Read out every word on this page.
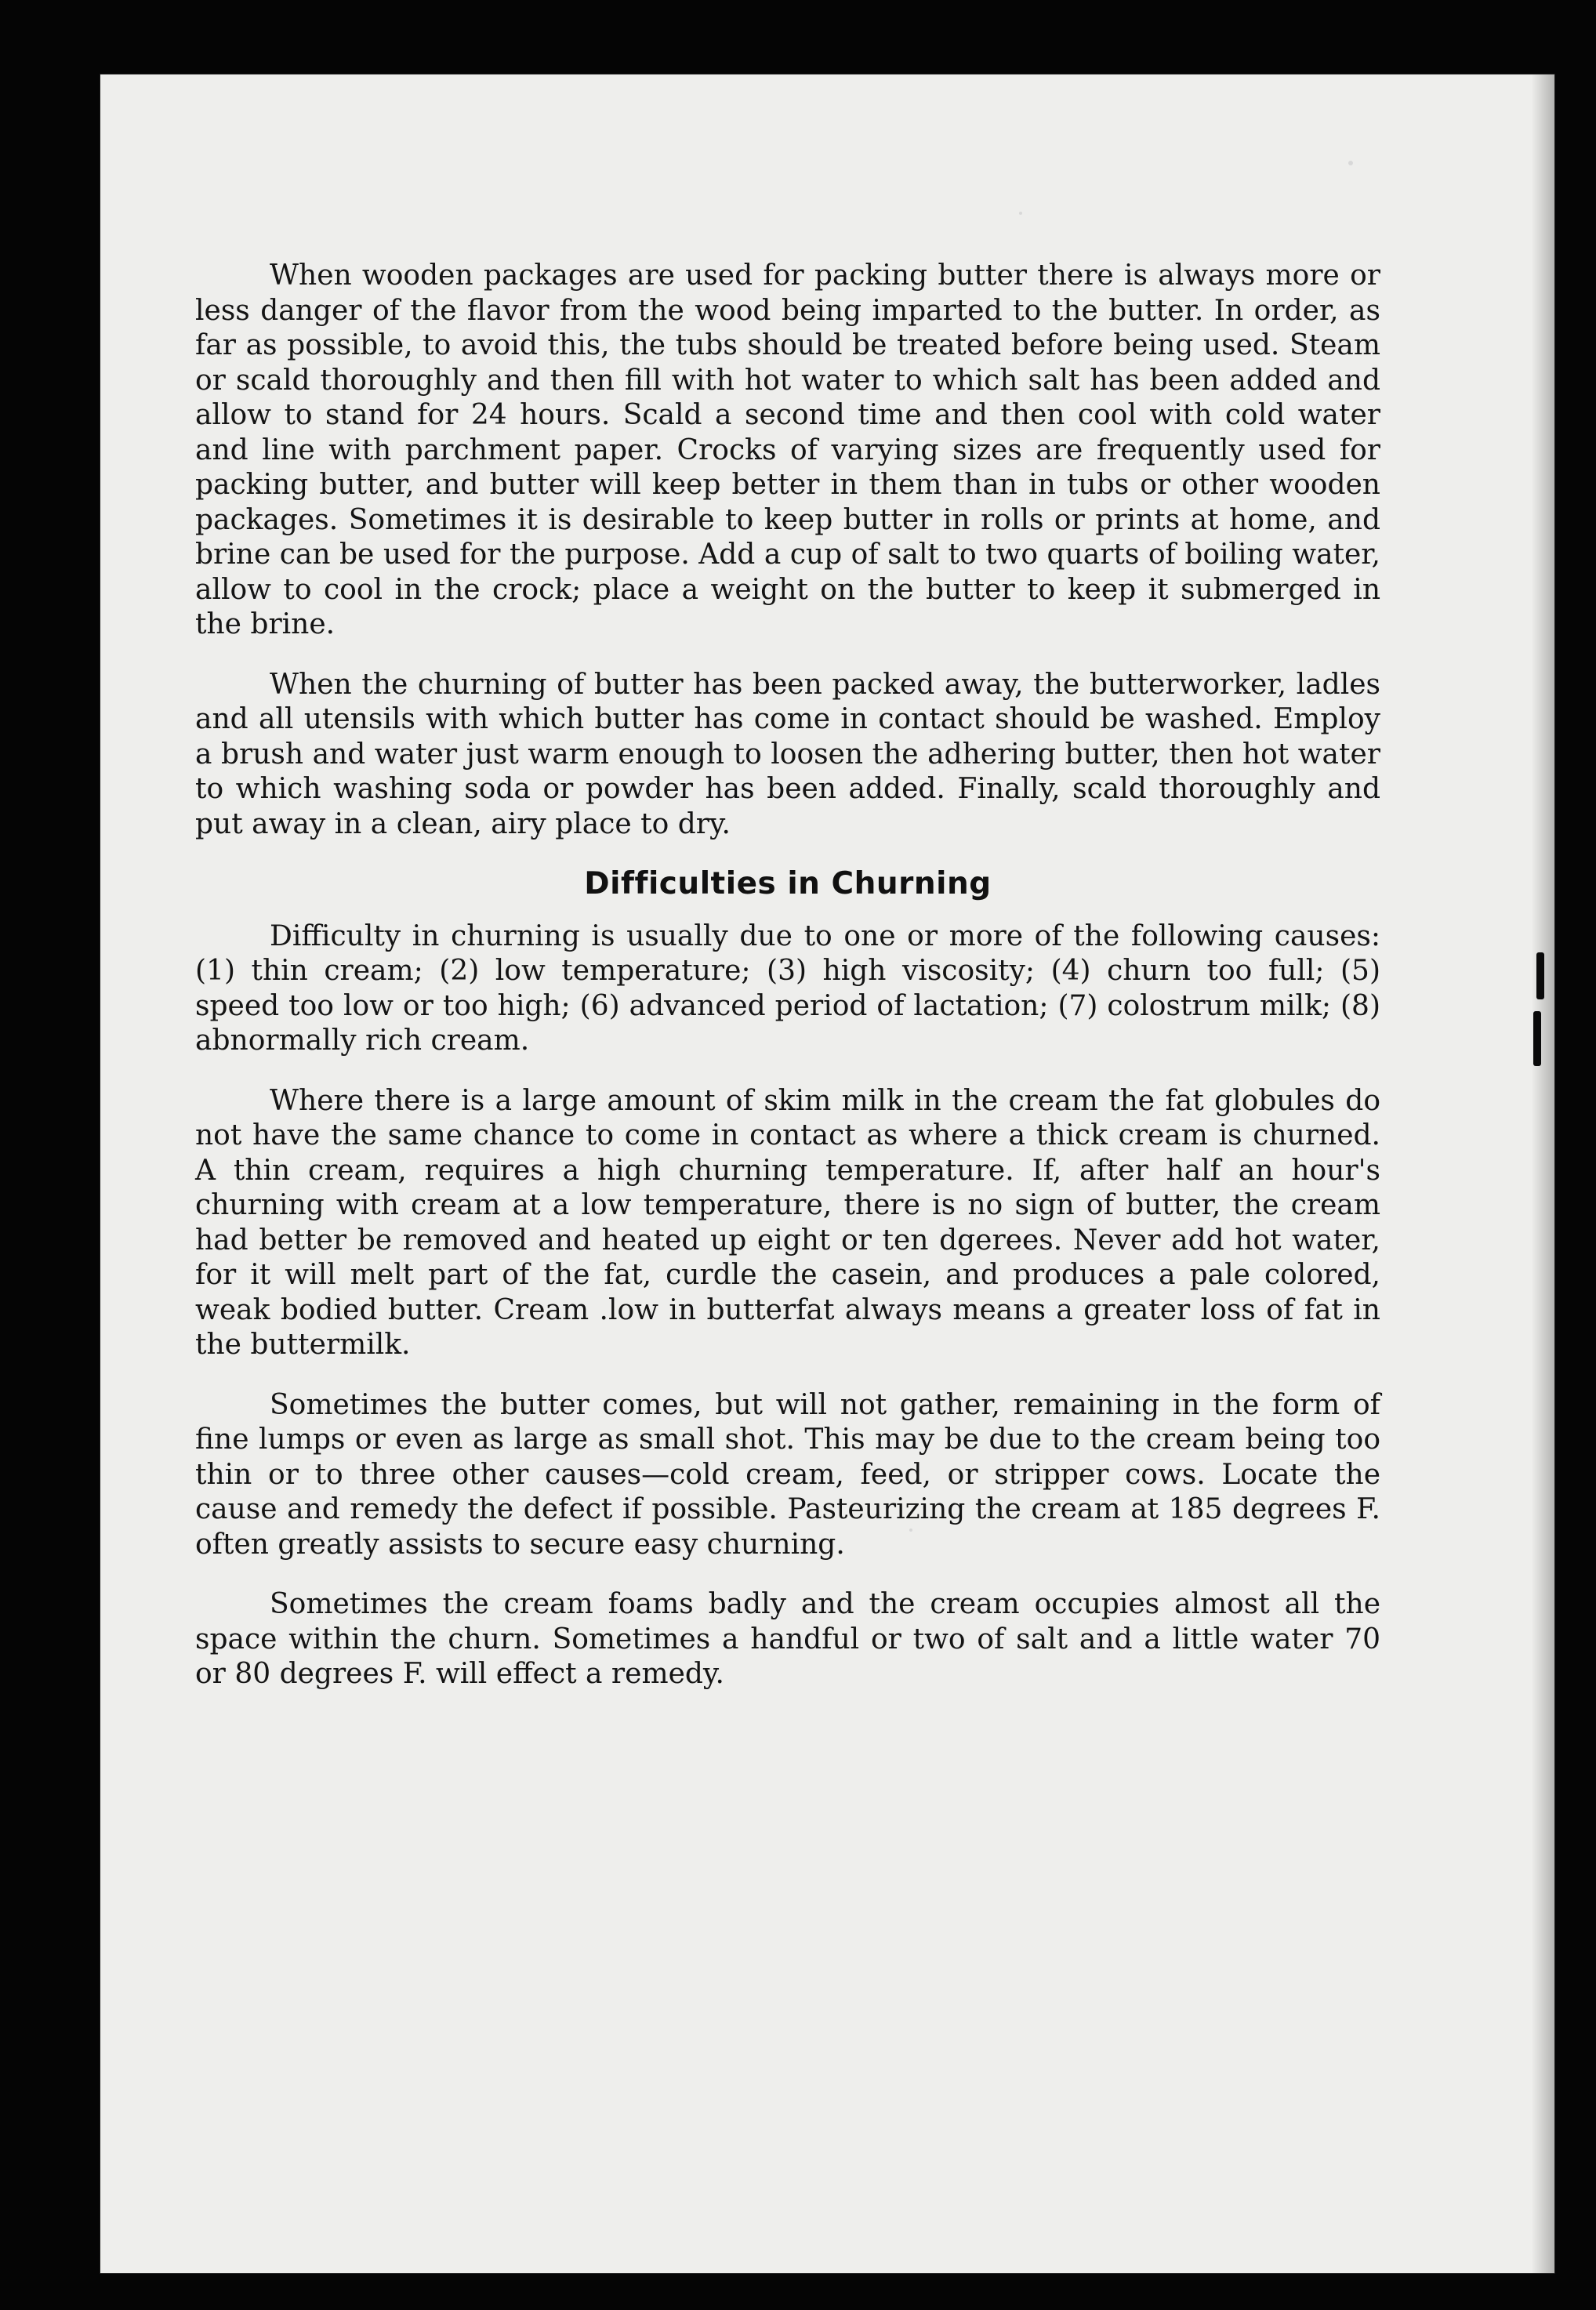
When wooden packages are used for packing butter there is always more or less danger of the flavor from the wood being imparted to the butter. In order, as far as possible, to avoid this, the tubs should be treated before being used. Steam or scald thoroughly and then fill with hot water to which salt has been added and allow to stand for 24 hours. Scald a second time and then cool with cold water and line with parchment paper. Crocks of varying sizes are frequently used for packing butter, and butter will keep better in them than in tubs or other wooden packages. Sometimes it is desirable to keep butter in rolls or prints at home, and brine can be used for the purpose. Add a cup of salt to two quarts of boiling water, allow to cool in the crock; place a weight on the butter to keep it submerged in the brine.

When the churning of butter has been packed away, the butterworker, ladles and all utensils with which butter has come in contact should be washed. Employ a brush and water just warm enough to loosen the adhering butter, then hot water to which washing soda or powder has been added. Finally, scald thoroughly and put away in a clean, airy place to dry.

Difficulties in Churning

Difficulty in churning is usually due to one or more of the following causes: (1) thin cream; (2) low temperature; (3) high viscosity; (4) churn too full; (5) speed too low or too high; (6) advanced period of lactation; (7) colostrum milk; (8) abnormally rich cream.

Where there is a large amount of skim milk in the cream the fat globules do not have the same chance to come in contact as where a thick cream is churned. A thin cream, requires a high churning temperature. If, after half an hour's churning with cream at a low temperature, there is no sign of butter, the cream had better be removed and heated up eight or ten dgerees. Never add hot water, for it will melt part of the fat, curdle the casein, and produces a pale colored, weak bodied butter. Cream .low in butterfat always means a greater loss of fat in the buttermilk.

Sometimes the butter comes, but will not gather, remaining in the form of fine lumps or even as large as small shot. This may be due to the cream being too thin or to three other causes—cold cream, feed, or stripper cows. Locate the cause and remedy the defect if possible. Pasteurizing the cream at 185 degrees F. often greatly assists to secure easy churning.

Sometimes the cream foams badly and the cream occupies almost all the space within the churn. Sometimes a handful or two of salt and a little water 70 or 80 degrees F. will effect a remedy.
